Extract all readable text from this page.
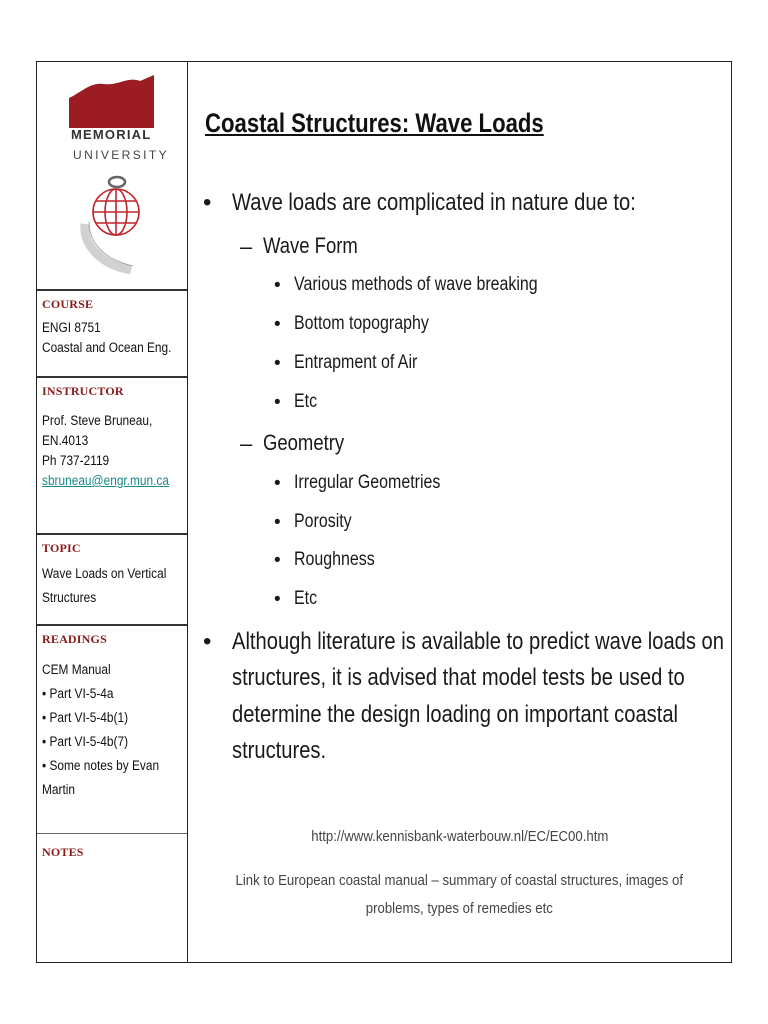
MEMORIAL
UNIVERSITY
COURSE
ENGI 8751
Coastal and Ocean Eng.
INSTRUCTOR
Prof. Steve Bruneau,
EN.4013
Ph 737-2119
sbruneau@engr.mun.ca
TOPIC
Wave Loads on Vertical
Structures
READINGS
CEM Manual
• Part VI-5-4a
• Part VI-5-4b(1)
• Part VI-5-4b(7)
• Some notes by Evan
Martin
NOTES
Coastal Structures: Wave Loads
• Wave loads are complicated in nature due to:
– Wave Form
• Various methods of wave breaking
• Bottom topography
• Entrapment of Air
• Etc
– Geometry
• Irregular Geometries
• Porosity
• Roughness
• Etc
• Although literature is available to predict wave loads on
structures, it is advised that model tests be used to
determine the design loading on important coastal
structures.
http://www.kennisbank-waterbouw.nl/EC/EC00.htm
Link to European coastal manual – summary of coastal structures, images of
problems, types of remedies etc
